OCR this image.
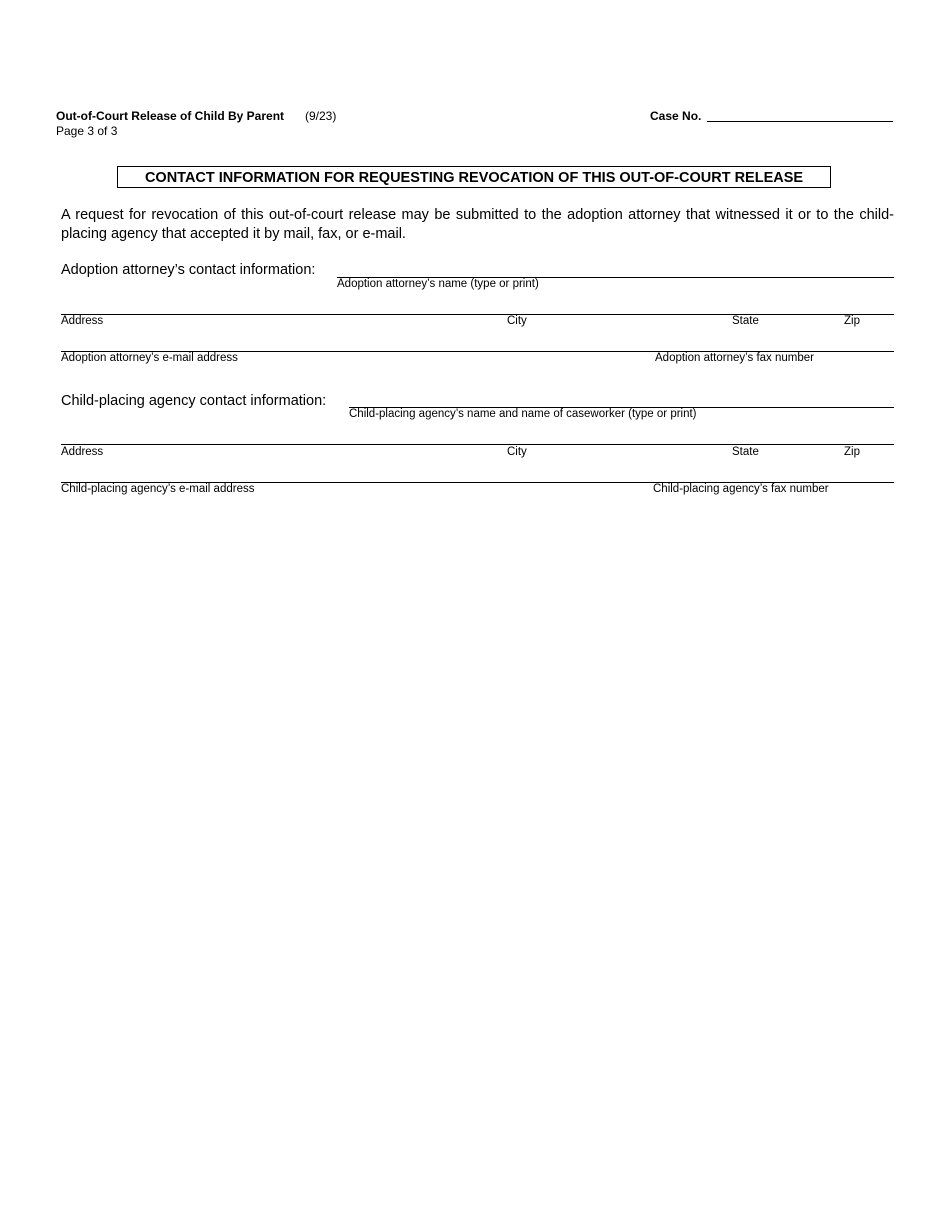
Out-of-Court Release of Child By Parent (9/23)
Page 3 of 3
Case No.
CONTACT INFORMATION FOR REQUESTING REVOCATION OF THIS OUT-OF-COURT RELEASE
A request for revocation of this out-of-court release may be submitted to the adoption attorney that witnessed it or to the child-placing agency that accepted it by mail, fax, or e-mail.
Adoption attorney’s contact information:
Adoption attorney’s name (type or print)
Address	City	State	Zip
Adoption attorney’s e-mail address	Adoption attorney’s fax number
Child-placing agency contact information:
Child-placing agency’s name and name of caseworker (type or print)
Address	City	State	Zip
Child-placing agency’s e-mail address	Child-placing agency’s fax number
